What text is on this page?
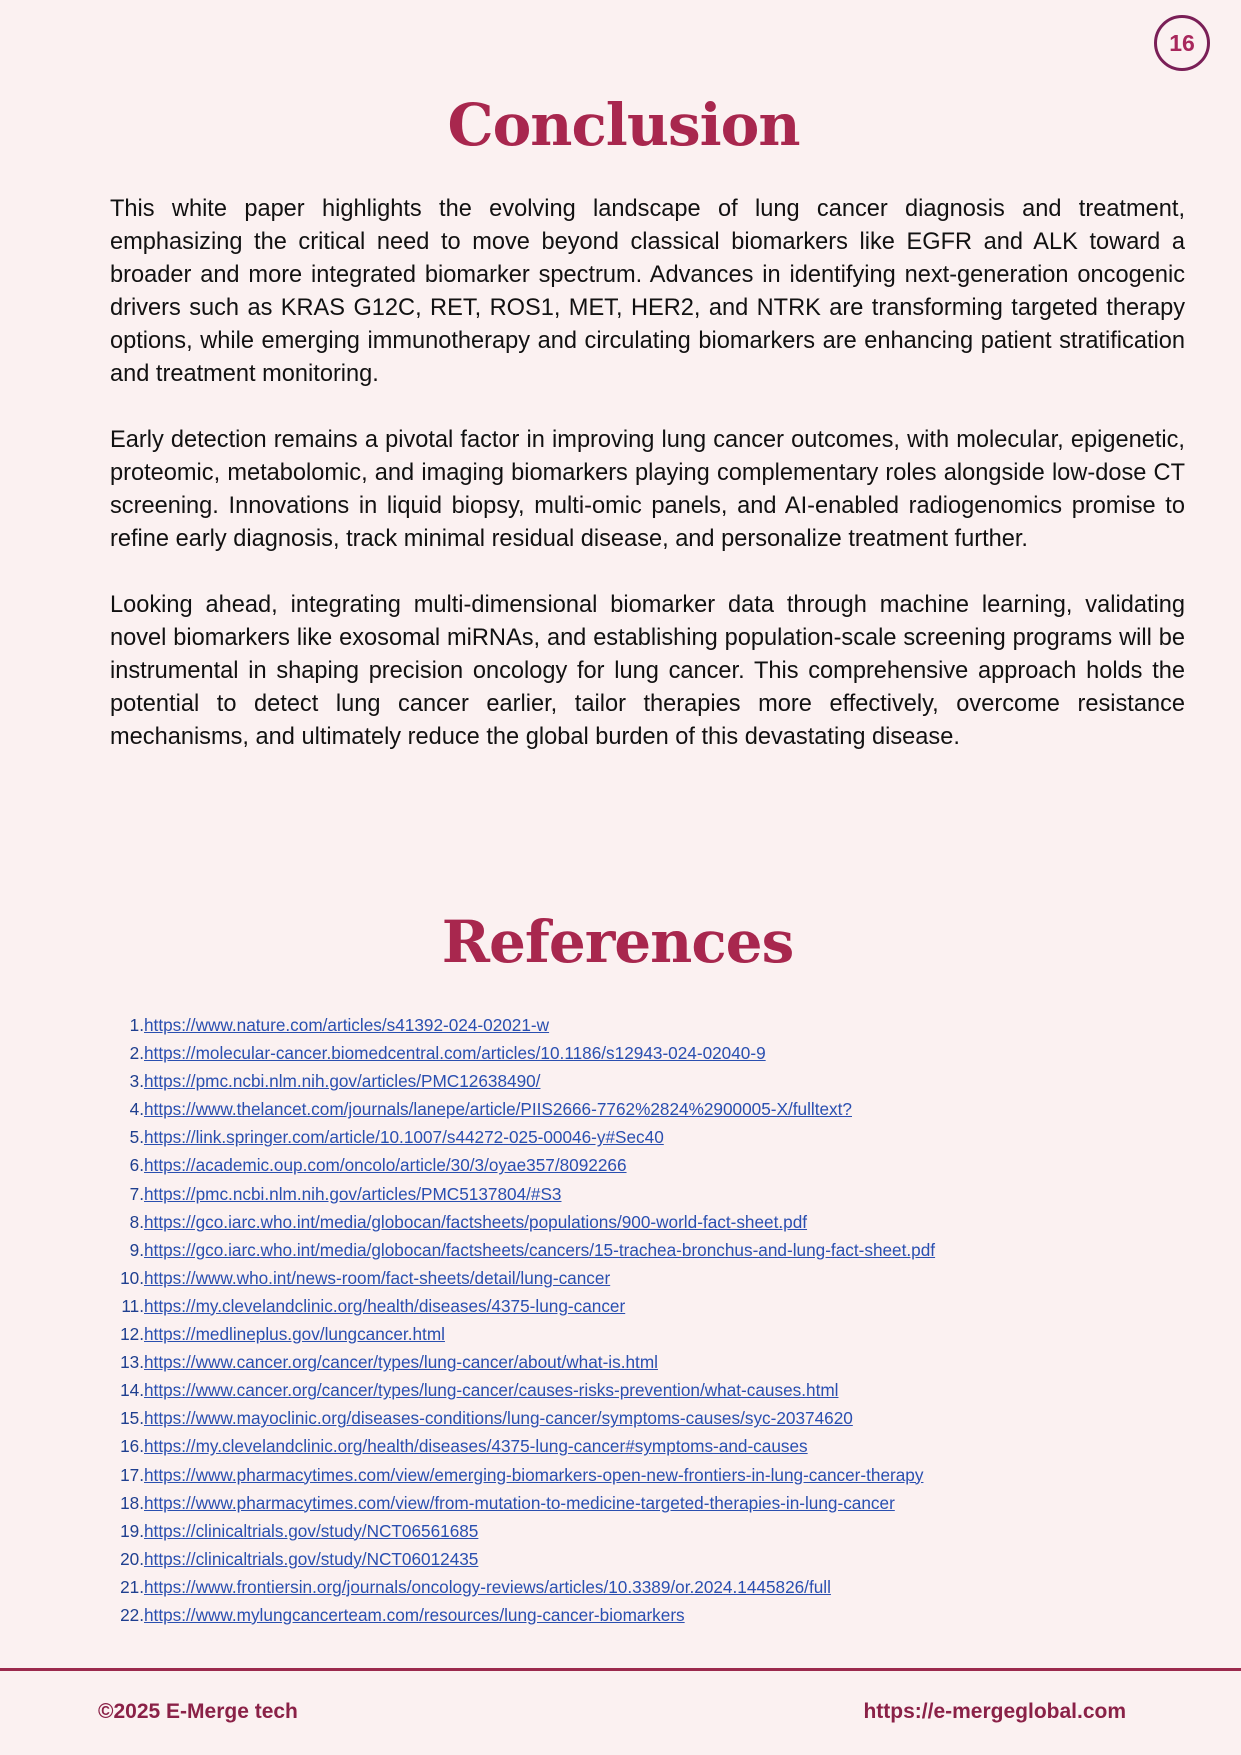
16
Conclusion

This white paper highlights the evolving landscape of lung cancer diagnosis and treatment, emphasizing the critical need to move beyond classical biomarkers like EGFR and ALK toward a broader and more integrated biomarker spectrum. Advances in identifying next-generation oncogenic drivers such as KRAS G12C, RET, ROS1, MET, HER2, and NTRK are transforming targeted therapy options, while emerging immunotherapy and circulating biomarkers are enhancing patient stratification and treatment monitoring.

Early detection remains a pivotal factor in improving lung cancer outcomes, with molecular, epigenetic, proteomic, metabolomic, and imaging biomarkers playing complementary roles alongside low-dose CT screening. Innovations in liquid biopsy, multi-omic panels, and AI-enabled radiogenomics promise to refine early diagnosis, track minimal residual disease, and personalize treatment further.

Looking ahead, integrating multi-dimensional biomarker data through machine learning, validating novel biomarkers like exosomal miRNAs, and establishing population-scale screening programs will be instrumental in shaping precision oncology for lung cancer. This comprehensive approach holds the potential to detect lung cancer earlier, tailor therapies more effectively, overcome resistance mechanisms, and ultimately reduce the global burden of this devastating disease.

References
1.https://www.nature.com/articles/s41392-024-02021-w
2.https://molecular-cancer.biomedcentral.com/articles/10.1186/s12943-024-02040-9
3.https://pmc.ncbi.nlm.nih.gov/articles/PMC12638490/
4.https://www.thelancet.com/journals/lanepe/article/PIIS2666-7762%2824%2900005-X/fulltext?
5.https://link.springer.com/article/10.1007/s44272-025-00046-y#Sec40
6.https://academic.oup.com/oncolo/article/30/3/oyae357/8092266
7.https://pmc.ncbi.nlm.nih.gov/articles/PMC5137804/#S3
8.https://gco.iarc.who.int/media/globocan/factsheets/populations/900-world-fact-sheet.pdf
9.https://gco.iarc.who.int/media/globocan/factsheets/cancers/15-trachea-bronchus-and-lung-fact-sheet.pdf
10.https://www.who.int/news-room/fact-sheets/detail/lung-cancer
11.https://my.clevelandclinic.org/health/diseases/4375-lung-cancer
12.https://medlineplus.gov/lungcancer.html
13.https://www.cancer.org/cancer/types/lung-cancer/about/what-is.html
14.https://www.cancer.org/cancer/types/lung-cancer/causes-risks-prevention/what-causes.html
15.https://www.mayoclinic.org/diseases-conditions/lung-cancer/symptoms-causes/syc-20374620
16.https://my.clevelandclinic.org/health/diseases/4375-lung-cancer#symptoms-and-causes
17.https://www.pharmacytimes.com/view/emerging-biomarkers-open-new-frontiers-in-lung-cancer-therapy
18.https://www.pharmacytimes.com/view/from-mutation-to-medicine-targeted-therapies-in-lung-cancer
19.https://clinicaltrials.gov/study/NCT06561685
20.https://clinicaltrials.gov/study/NCT06012435
21.https://www.frontiersin.org/journals/oncology-reviews/articles/10.3389/or.2024.1445826/full
22.https://www.mylungcancerteam.com/resources/lung-cancer-biomarkers
©2025 E-Merge tech	https://e-mergeglobal.com
